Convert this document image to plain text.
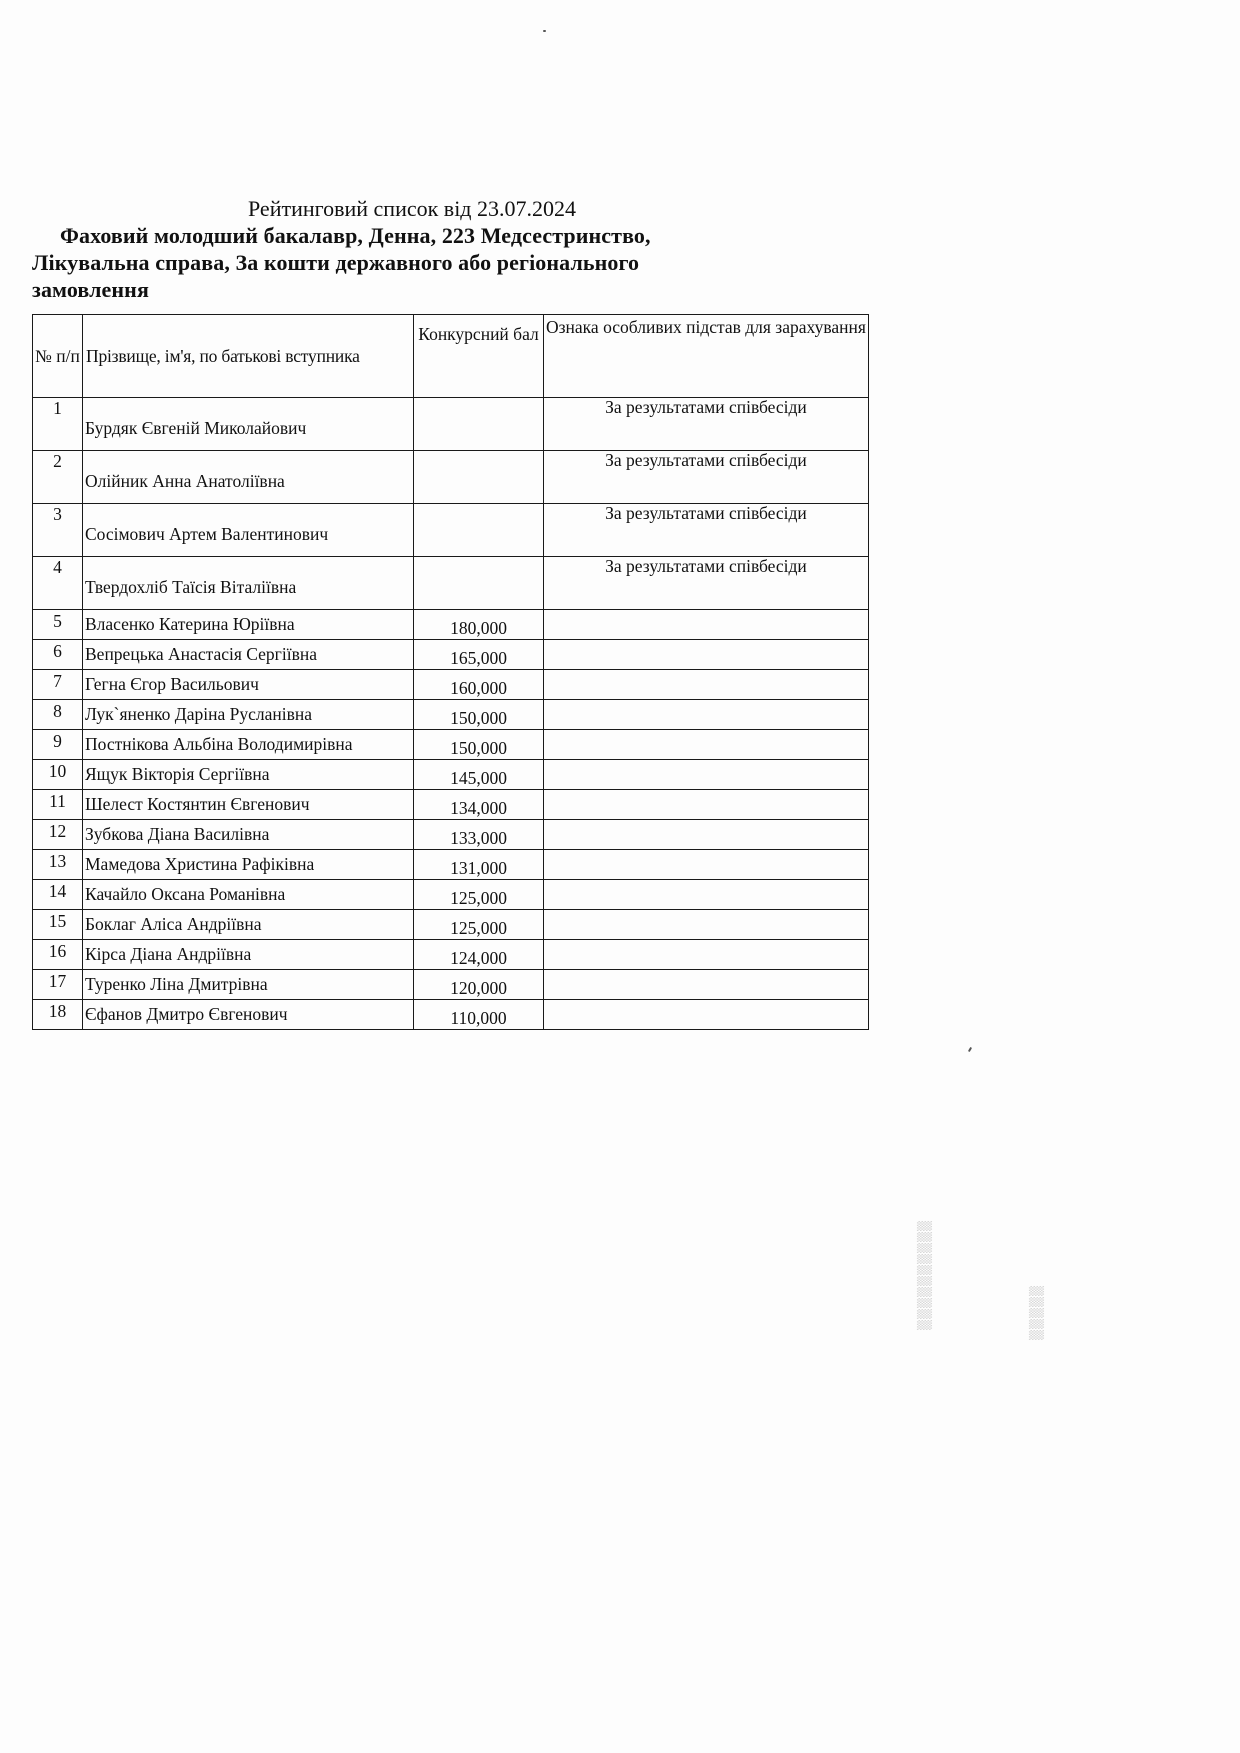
Рейтинговий список від 23.07.2024
Фаховий молодший бакалавр, Денна, 223 Медсестринство, Лікувальна справа, За кошти державного або регіонального замовлення
№ п/п	Прізвище, ім'я, по батькові вступника	Конкурсний бал	Ознака особливих підстав для зарахування
1	Бурдяк Євгеній Миколайович		За результатами співбесіди
2	Олійник Анна Анатоліївна		За результатами співбесіди
3	Сосімович Артем Валентинович		За результатами співбесіди
4	Твердохліб Таїсія Віталіївна		За результатами співбесіди
5	Власенко Катерина Юріївна	180,000	
6	Вепрецька Анастасія Сергіївна	165,000	
7	Гегна Єгор Васильович	160,000	
8	Лук`яненко Даріна Русланівна	150,000	
9	Постнікова Альбіна Володимирівна	150,000	
10	Ящук Вікторія Сергіївна	145,000	
11	Шелест Костянтин Євгенович	134,000	
12	Зубкова Діана Василівна	133,000	
13	Мамедова Христина Рафіківна	131,000	
14	Качайло Оксана Романівна	125,000	
15	Боклаг Аліса Андріївна	125,000	
16	Кірса Діана Андріївна	124,000	
17	Туренко Ліна Дмитрівна	120,000	
18	Єфанов Дмитро Євгенович	110,000	
▒▒▒▒▒▒▒▒▒▒	▒▒▒▒▒
